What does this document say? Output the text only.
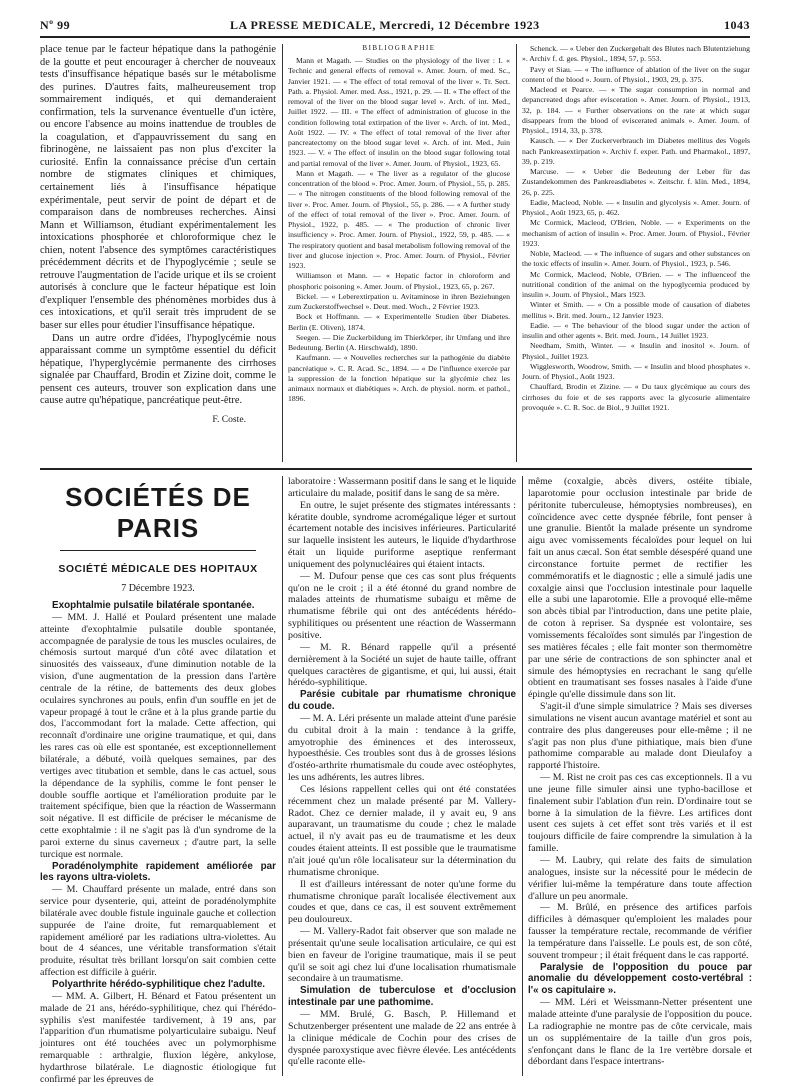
Nº 99	LA PRESSE MEDICALE, Mercredi, 12 Décembre 1923	1043

place tenue par le facteur hépatique dans la pathogénie de la goutte et peut encourager à chercher de nouveaux tests d'insuffisance hépatique basés sur le métabolisme des purines. D'autres faits, malheureusement trop sommairement indiqués, et qui demanderaient confirmation, tels la survenance éventuelle d'un ictère, ou encore l'absence au moins inattendue de troubles de la coagulation, et d'appauvrissement du sang en fibrinogène, ne laissaient pas non plus d'exciter la curiosité. Enfin la connaissance précise d'un certain nombre de stigmates cliniques et chimiques, certainement liés à l'insuffisance hépatique expérimentale, peut servir de point de départ et de comparaison dans de nombreuses recherches. Ainsi Mann et Williamson, étudiant expérimentalement les intoxications phosphorée et chloroformique chez le chien, notent l'absence des symptômes caractéristiques précédemment décrits et de l'hypoglycémie ; seule se retrouve l'augmentation de l'acide urique et ils se croient autorisés à conclure que le facteur hépatique est loin d'expliquer l'ensemble des phénomènes morbides dus à ces intoxications, et qu'il serait très imprudent de se baser sur elles pour étudier l'insuffisance hépatique.

Dans un autre ordre d'idées, l'hypoglycémie nous apparaissant comme un symptôme essentiel du déficit hépatique, l'hyperglycémie permanente des cirrhoses signalée par Chauffard, Brodin et Zizine doit, comme le pensent ces auteurs, trouver son explication dans une cause autre qu'hépatique, pancréatique peut-être.

F. Coste.

BIBLIOGRAPHIE

Mann et Magath. — Studies on the physiology of the liver : I. « Technic and general effects of removal ». Amer. Journ. of med. Sc., Janvier 1921. — « The effect of total removal of the liver ». Tr. Sect. Path. a. Physiol. Amer. med. Ass., 1921, p. 29. — II. « The effect of the removal of the liver on the blood sugar level ». Arch. of int. Med., Juillet 1922. — III. « The effect of administration of glucose in the condition following total extirpation of the liver ». Arch. of int. Med., Août 1922. — IV. « The effect of total removal of the liver after pancreatectomy on the blood sugar level ». Arch. of int. Med., Juin 1923. — V. « The effect of insulin on the blood sugar following total and partial removal of the liver ». Amer. Journ. of Physiol., 1923, 65.

Mann et Magath. — « The liver as a regulator of the glucose concentration of the blood ». Proc. Amer. Journ. of Physiol., 55, p. 285. — « The nitrogen constituents of the blood following removal of the liver ». Proc. Amer. Journ. of Physiol., 55, p. 286. — « A further study of the effect of total removal of the liver ». Proc. Amer. Journ. of Physiol., 1922, p. 485. — « The production of chronic liver insufficiency ». Proc. Amer. Journ. of Physiol., 1922, 59, p. 485. — « The respiratory quotient and basal metabolism following removal of the liver and glucose injection ». Proc. Amer. Journ. of Physiol., Février 1923.

Williamson et Mann. — « Hepatic factor in chloroform and phosphoric poisoning ». Amer. Journ. of Physiol., 1923, 65, p. 267.

Bickel. — « Leberextirpation u. Avitaminose in ihren Beziehungen zum Zuckerstoffwechsel ». Deut. med. Woch., 2 Février 1923.

Bock et Hoffmann. — « Experimentelle Studien über Diabetes. Berlin (E. Oliven), 1874.

Seegen. — Die Zuckerbildung im Thierkörper, ihr Umfang und ihre Bedeutung. Berlin (A. Hirschwald), 1890.

Kaufmann. — « Nouvelles recherches sur la pathogénie du diabète pancréatique ». C. R. Acad. Sc., 1894. — « De l'influence exercée par la suppression de la fonction hépatique sur la glycémie chez les animaux normaux et diabétiques ». Arch. de physiol. norm. et pathol., 1896.

Schenck. — « Ueber den Zuckergehalt des Blutes nach Blutentziehung ». Archiv f. d. ges. Physiol., 1894, 57, p. 553.

Pavy et Siau. — « The influence of ablation of the liver on the sugar content of the blood ». Journ. of Physiol., 1903, 29, p. 375.

Macleod et Pearce. — « The sugar consumption in normal and depancreated dogs after evisceration ». Amer. Journ. of Physiol., 1913, 32, p. 184. — « Further observations on the rate at which sugar disappears from the blood of eviscerated animals ». Amer. Journ. of Physiol., 1914, 33, p. 378.

Kausch. — « Der Zuckerverbrauch im Diabetes mellitus des Vogels nach Pankreasextirpation ». Archiv f. exper. Path. und Pharmakol., 1897, 39, p. 219.

Marcuse. — « Ueber die Bedeutung der Leber für das Zustandekommen des Pankreasdiabetes ». Zeitschr. f. klin. Med., 1894, 26, p. 225.

Eadie, Macleod, Noble. — « Insulin and glycolysis ». Amer. Journ. of Physiol., Août 1923, 65, p. 462.

Mc Cormick, Macleod, O'Brien, Noble. — « Experiments on the mechanism of action of insulin ». Proc. Amer. Journ. of Physiol., Février 1923.

Noble, Macleod. — « The influence of sugars and other substances on the toxic effects of insulin ». Amer. Journ. of Physiol., 1923, p. 546.

Mc Cormick, Macleod, Noble, O'Brien. — « The influenceof the nutritional condition of the animal on the hypoglycemia produced by insulin ». Journ. of Physiol., Mars 1923.

Winter et Smith. — « On a possible mode of causation of diabetes mellitus ». Brit. med. Journ., 12 Janvier 1923.

Eadie. — « The behaviour of the blood sugar under the action of insulin and other agents ». Brit. med. Journ., 14 Juillet 1923.

Needham, Smith, Winter. — « Insulin and inositol ». Journ. of Physiol., Juillet 1923.

Wigglesworth, Woodrow, Smith. — « Insulin and blood phosphates ». Journ. of Physiol., Août 1923.

Chauffard, Brodin et Zizine. — « Du taux glycémique au cours des cirrhoses du foie et de ses rapports avec la glycosurie alimentaire provoquée ». C. R. Soc. de Biol., 9 Juillet 1921.

SOCIÉTÉS DE PARIS
SOCIÉTÉ MÉDICALE DES HOPITAUX
7 Décembre 1923.

Exophtalmie pulsatile bilatérale spontanée.

— MM. J. Hallé et Poulard présentent une malade atteinte d'exophtalmie pulsatile double spontanée, accompagnée de paralysie de tous les muscles oculaires, de chémosis surtout marqué d'un côté avec dilatation et sinuosités des vaisseaux, d'une diminution notable de la vision, d'une augmentation de la pression dans l'artère centrale de la rétine, de battements des deux globes oculaires synchrones au pouls, enfin d'un souffle en jet de vapeur propagé à tout le crâne et à la plus grande partie du dos, l'accommodant fort la malade. Cette affection, qui reconnaît d'ordinaire une origine traumatique, et qui, dans les rares cas où elle est spontanée, est exceptionnellement bilatérale, a débuté, voilà quelques semaines, par des vertiges avec titubation et semble, dans le cas actuel, sous la dépendance de la syphilis, comme le font penser le double souffle aortique et l'amélioration produite par le traitement spécifique, bien que la réaction de Wassermann soit négative. Il est difficile de préciser le mécanisme de cette exophtalmie : il ne s'agit pas là d'un syndrome de la paroi externe du sinus caverneux ; d'autre part, la selle turcique est normale.

Poradénolymphite rapidement améliorée par les rayons ultra-violets.

— M. Chauffard présente un malade, entré dans son service pour dysenterie, qui, atteint de poradénolymphite bilatérale avec double fistule inguinale gauche et collection suppurée de l'aine droite, fut remarquablement et rapidement amélioré par les radiations ultra-violettes. Au bout de 4 séances, une véritable transformation s'était produite, résultat très brillant lorsqu'on sait combien cette affection est difficile à guérir.

Polyarthrite hérédo-syphilitique chez l'adulte.

— MM. A. Gilbert, H. Bénard et Fatou présentent un malade de 21 ans, hérédo-syphilitique, chez qui l'hérédo-syphilis s'est manifestée tardivement, à 19 ans, par l'apparition d'un rhumatisme polyarticulaire subaigu. Neuf jointures ont été touchées avec un polymorphisme remarquable : arthralgie, fluxion légère, ankylose, hydarthrose bilatérale. Le diagnostic étiologique fut confirmé par les épreuves de

laboratoire : Wassermann positif dans le sang et le liquide articulaire du malade, positif dans le sang de sa mère.

En outre, le sujet présente des stigmates intéressants : kératite double, syndrome acromégalique léger et surtout écartement notable des incisives inférieures. Particularité sur laquelle insistent les auteurs, le liquide d'hydarthrose était un liquide puriforme aseptique renfermant uniquement des polynucléaires qui étaient intacts.

— M. Dufour pense que ces cas sont plus fréquents qu'on ne le croit ; il a été étonné du grand nombre de malades atteints de rhumatisme subaigu et même de rhumatisme fébrile qui ont des antécédents hérédo-syphilitiques ou présentent une réaction de Wassermann positive.

— M. R. Bénard rappelle qu'il a présenté dernièrement à la Société un sujet de haute taille, offrant quelques caractères de gigantisme, et qui, lui aussi, était hérédo-syphilitique.

Parésie cubitale par rhumatisme chronique du coude.

— M. A. Léri présente un malade atteint d'une parésie du cubital droit à la main : tendance à la griffe, amyotrophie des éminences et des interosseux, hypoesthésie. Ces troubles sont dus à de grosses lésions d'ostéo-arthrite rhumatismale du coude avec ostéophytes, les uns adhérents, les autres libres.

Ces lésions rappellent celles qui ont été constatées récemment chez un malade présenté par M. Vallery-Radot. Chez ce dernier malade, il y avait eu, 9 ans auparavant, un traumatisme du coude ; chez le malade actuel, il n'y avait pas eu de traumatisme et les deux coudes étaient atteints. Il est possible que le traumatisme n'ait joué qu'un rôle localisateur sur la détermination du rhumatisme chronique.

Il est d'ailleurs intéressant de noter qu'une forme du rhumatisme chronique paraît localisée électivement aux coudes et que, dans ce cas, il est souvent extrêmement peu douloureux.

— M. Vallery-Radot fait observer que son malade ne présentait qu'une seule localisation articulaire, ce qui est bien en faveur de l'origine traumatique, mais il se peut qu'il se soit agi chez lui d'une localisation rhumatismale secondaire à un traumatisme.

Simulation de tuberculose et d'occlusion intestinale par une pathomime.

— MM. Brulé, G. Basch, P. Hillemand et Schutzenberger présentent une malade de 22 ans entrée à la clinique médicale de Cochin pour des crises de dyspnée paroxystique avec fièvre élevée. Les antécédents qu'elle raconte elle-

même (coxalgie, abcès divers, ostéite tibiale, laparotomie pour occlusion intestinale par bride de péritonite tuberculeuse, hémoptysies nombreuses), en coïncidence avec cette dyspnée fébrile, font penser à une granulie. Bientôt la malade présente un syndrome aigu avec vomissements fécaloïdes pour lequel on lui fait un anus cæcal. Son état semble désespéré quand une circonstance fortuite permet de rectifier les commémoratifs et le diagnostic ; elle a simulé jadis une coxalgie ainsi que l'occlusion intestinale pour laquelle elle a subi une laparotomie. Elle a provoqué elle-même son abcès tibial par l'introduction, dans une petite plaie, de coton à repriser. Sa dyspnée est volontaire, ses vomissements fécaloïdes sont simulés par l'ingestion de ses matières fécales ; elle fait monter son thermomètre par une série de contractions de son sphincter anal et simule des hémoptysies en recrachant le sang qu'elle obtient en traumatisant ses fosses nasales à l'aide d'une épingle qu'elle dissimule dans son lit.

S'agit-il d'une simple simulatrice ? Mais ses diverses simulations ne visent aucun avantage matériel et sont au contraire des plus dangereuses pour elle-même ; il ne s'agit pas non plus d'une pithiatique, mais bien d'une pathomime comparable au malade dont Dieulafoy a rapporté l'histoire.

— M. Rist ne croit pas ces cas exceptionnels. Il a vu une jeune fille simuler ainsi une typho-bacillose et finalement subir l'ablation d'un rein. D'ordinaire tout se borne à la simulation de la fièvre. Les artifices dont usent ces sujets à cet effet sont très variés et il est toujours difficile de faire comprendre la simulation à la famille.

— M. Laubry, qui relate des faits de simulation analogues, insiste sur la nécessité pour le médecin de vérifier lui-même la température dans toute affection d'allure un peu anormale.

— M. Brûlé, en présence des artifices parfois difficiles à démasquer qu'emploient les malades pour fausser la température rectale, recommande de vérifier la température dans l'aisselle. Le pouls est, de son côté, souvent trompeur ; il était fréquent dans le cas rapporté.

Paralysie de l'opposition du pouce par anomalie du développement costo-vertébral : l'« os capitulaire ».

— MM. Léri et Weissmann-Netter présentent une malade atteinte d'une paralysie de l'opposition du pouce. La radiographie ne montre pas de côte cervicale, mais un os supplémentaire de la taille d'un gros pois, s'enfonçant dans le flanc de la 1re vertèbre dorsale et débordant dans l'espace intertrans-
